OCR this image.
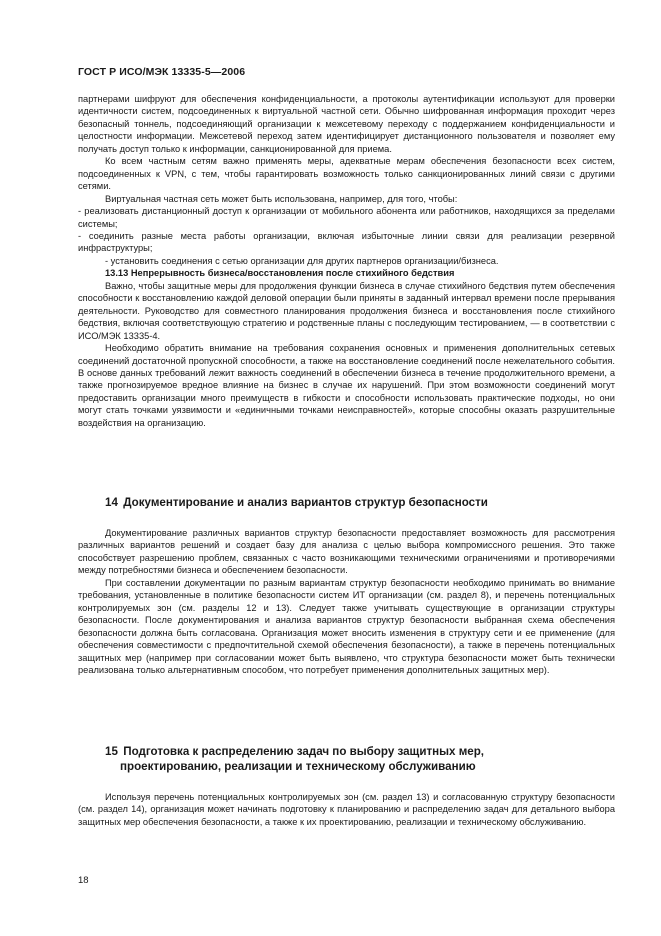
ГОСТ Р ИСО/МЭК 13335-5—2006

партнерами шифруют для обеспечения конфиденциальности, а протоколы аутентификации используют для проверки идентичности систем, подсоединенных к виртуальной частной сети. Обычно шифрованная информация проходит через безопасный тоннель, подсоединяющий организации к межсетевому переходу с поддержанием конфиденциальности и целостности информации. Межсетевой переход затем идентифицирует дистанционного пользователя и позволяет ему получать доступ только к информации, санкционированной для приема.

Ко всем частным сетям важно применять меры, адекватные мерам обеспечения безопасности всех систем, подсоединенных к VPN, с тем, чтобы гарантировать возможность только санкционированных линий связи с другими сетями.

Виртуальная частная сеть может быть использована, например, для того, чтобы:

- реализовать дистанционный доступ к организации от мобильного абонента или работников, находящихся за пределами системы;

- соединить разные места работы организации, включая избыточные линии связи для реализации резервной инфраструктуры;

- установить соединения с сетью организации для других партнеров организации/бизнеса.

13.13 Непрерывность бизнеса/восстановления после стихийного бедствия

Важно, чтобы защитные меры для продолжения функции бизнеса в случае стихийного бедствия путем обеспечения способности к восстановлению каждой деловой операции были приняты в заданный интервал времени после прерывания деятельности. Руководство для совместного планирования продолжения бизнеса и восстановления после стихийного бедствия, включая соответствующую стратегию и родственные планы с последующим тестированием, — в соответствии с ИСО/МЭК 13335-4.

Необходимо обратить внимание на требования сохранения основных и применения дополнительных сетевых соединений достаточной пропускной способности, а также на восстановление соединений после нежелательного события. В основе данных требований лежит важность соединений в обеспечении бизнеса в течение продолжительного времени, а также прогнозируемое вредное влияние на бизнес в случае их нарушений. При этом возможности соединений могут предоставить организации много преимуществ в гибкости и способности использовать практические подходы, но они могут стать точками уязвимости и «единичными точками неисправностей», которые способны оказать разрушительные воздействия на организацию.

14 Документирование и анализ вариантов структур безопасности

Документирование различных вариантов структур безопасности предоставляет возможность для рассмотрения различных вариантов решений и создает базу для анализа с целью выбора компромиссного решения. Это также способствует разрешению проблем, связанных с часто возникающими техническими ограничениями и противоречиями между потребностями бизнеса и обеспечением безопасности.

При составлении документации по разным вариантам структур безопасности необходимо принимать во внимание требования, установленные в политике безопасности систем ИТ организации (см. раздел 8), и перечень потенциальных контролируемых зон (см. разделы 12 и 13). Следует также учитывать существующие в организации структуры безопасности. После документирования и анализа вариантов структур безопасности выбранная схема обеспечения безопасности должна быть согласована. Организация может вносить изменения в структуру сети и ее применение (для обеспечения совместимости с предпочтительной схемой обеспечения безопасности), а также в перечень потенциальных защитных мер (например при согласовании может быть выявлено, что структура безопасности может быть технически реализована только альтернативным способом, что потребует применения дополнительных защитных мер).

15 Подготовка к распределению задач по выбору защитных мер,
проектированию, реализации и техническому обслуживанию

Используя перечень потенциальных контролируемых зон (см. раздел 13) и согласованную структуру безопасности (см. раздел 14), организация может начинать подготовку к планированию и распределению задач для детального выбора защитных мер обеспечения безопасности, а также к их проектированию, реализации и техническому обслуживанию.

18
